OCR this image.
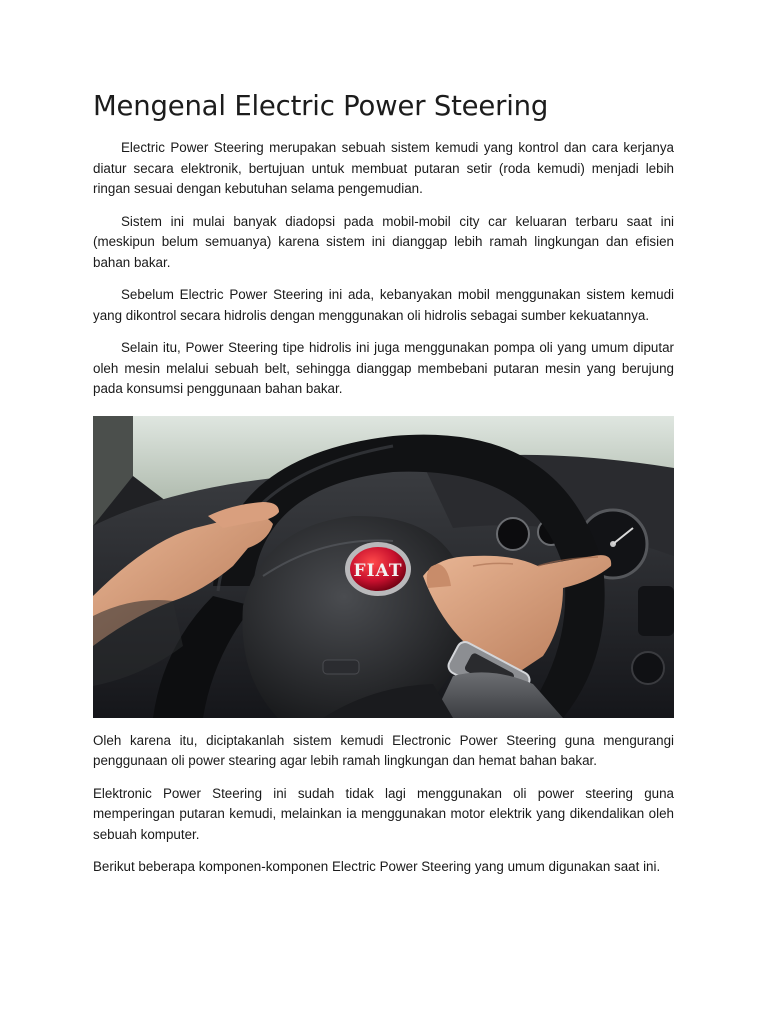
Mengenal Electric Power Steering

Electric Power Steering merupakan sebuah sistem kemudi yang kontrol dan cara kerjanya diatur secara elektronik, bertujuan untuk membuat putaran setir (roda kemudi) menjadi lebih ringan sesuai dengan kebutuhan selama pengemudian.

Sistem ini mulai banyak diadopsi pada mobil-mobil city car keluaran terbaru saat ini (meskipun belum semuanya) karena sistem ini dianggap lebih ramah lingkungan dan efisien bahan bakar.

Sebelum Electric Power Steering ini ada, kebanyakan mobil menggunakan sistem kemudi yang dikontrol secara hidrolis dengan menggunakan oli hidrolis sebagai sumber kekuatannya.

Selain itu, Power Steering tipe hidrolis ini juga menggunakan pompa oli yang umum diputar oleh mesin melalui sebuah belt, sehingga dianggap membebani putaran mesin yang berujung pada konsumsi penggunaan bahan bakar.

FIAT

Oleh karena itu, diciptakanlah sistem kemudi Electronic Power Steering guna mengurangi penggunaan oli power stearing agar lebih ramah lingkungan dan hemat bahan bakar.

Elektronic Power Steering ini sudah tidak lagi menggunakan oli power steering guna memperingan putaran kemudi, melainkan ia menggunakan motor elektrik yang dikendalikan oleh sebuah komputer.

Berikut beberapa komponen-komponen Electric Power Steering yang umum digunakan saat ini.
